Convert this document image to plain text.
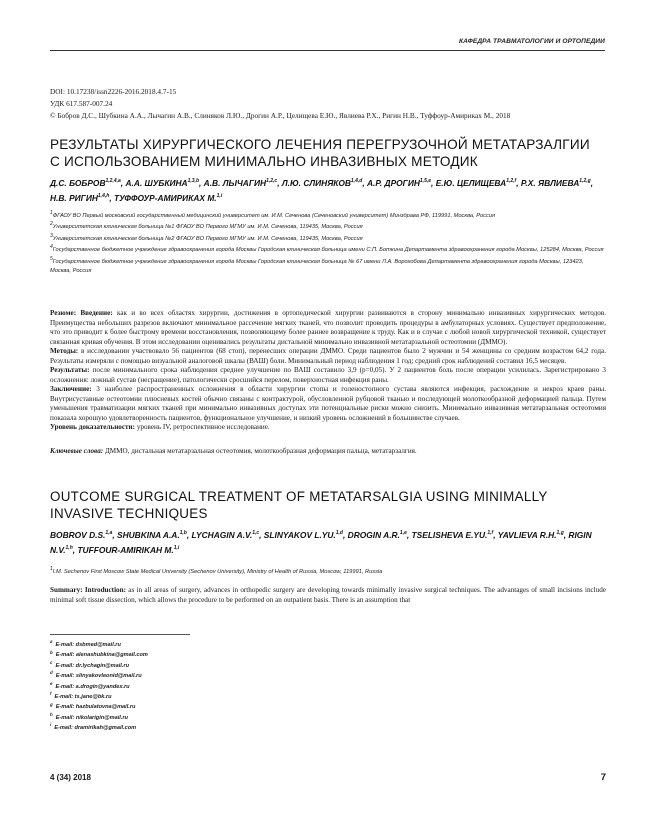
КАФЕДРА ТРАВМАТОЛОГИИ И ОРТОПЕДИИ
DOI: 10.17238/issn2226-2016.2018.4.7-15
УДК 617.587-007.24
© Бобров Д.С., Шубкина А.А., Лычагин А.В., Слиняков Л.Ю., Дрогин А.Р., Целищева Е.Ю., Явлиева Р.Х., Ригин Н.В., Туффоур-Амириках М., 2018
РЕЗУЛЬТАТЫ ХИРУРГИЧЕСКОГО ЛЕЧЕНИЯ ПЕРЕГРУЗОЧНОЙ МЕТАТАРЗАЛГИИ
С ИСПОЛЬЗОВАНИЕМ МИНИМАЛЬНО ИНВАЗИВНЫХ МЕТОДИК
Д.С. БОБРОВ$^{1,2,4,a}$, А.А. ШУБКИНА$^{1,3,b}$, А.В. ЛЫЧАГИН$^{1,2,c}$, Л.Ю. СЛИНЯКОВ$^{1,4,d}$, А.Р. ДРОГИН$^{1,5,e}$, Е.Ю. ЦЕЛИЩЕВА$^{1,2,f}$, Р.Х. ЯВЛИЕВА$^{1,2,g}$, Н.В. РИГИН$^{1,4,h}$, ТУФФОУР-АМИРИКАХ М.$^{1,i}$

$^1$ФГАОУ ВО Первый московский государственный медицинский университет им. И.М. Сеченова (Сеченовский университет) Минздрава РФ, 119991, Москва, Россия

$^2$Университетская клиническая больница №1 ФГАОУ ВО Первого МГМУ им. И.М. Сеченова, 119435, Москва, Россия

$^3$Университетская клиническая больница №2 ФГАОУ ВО Первого МГМУ им. И.М. Сеченова, 119435, Москва, Россия

$^4$Государственное бюджетное учреждение здравоохранения города Москвы Городская клиническая больница имени С.П. Боткина Департамента здравоохранения города Москвы, 125284, Москва, Россия

$^5$Государственное бюджетное учреждение здравоохранения города Москвы Городская клиническая больница № 67 имени Л.А. Ворохобова Департамента здравоохранения города Москвы, 123423, Москва, Россия

Резюме: Введение: как и во всех областях хирургии, достижения в ортопедической хирургии развиваются в сторону минимально инвазивных хирургических методов. Преимущества небольших разрезов включают минимальное рассечение мягких тканей, что позволит проводить процедуры в амбулаторных условиях. Существует предположение, что это приводит к более быстрому времени восстановления, позволяющему более раннее возвращение к труду. Как и в случае с любой новой хирургической техникой, существует связанная кривая обучения. В этом исследовании оценивались результаты дистальной минимально инвазивной метатарзальной остеотомии (ДММО).

Методы: в исследовании участвовало 56 пациентов (68 стоп), перенесших операции ДММО. Среди пациентов было 2 мужчин и 54 женщины со средним возрастом 64,2 года. Результаты измеряли с помощью визуальной аналоговой шкалы (ВАШ) боли. Минимальный период наблюдения 1 год; средний срок наблюдений составил 16,5 месяцев.

Результаты: после минимального срока наблюдения среднее улучшение по ВАШ составило 3,9 (p=0,05). У 2 пациентов боль после операции усилилась. Зарегистрировано 3 осложнения: ложный сустав (несращение), патологически сросшийся перелом, поверхностная инфекция раны.

Заключение: 3 наиболее распространенных осложнения в области хирургии стопы и голеностопного сустава являются инфекция, расхождение и некроз краев раны. Внутрисуставные остеотомии плюсневых костей обычно связаны с контрактурой, обусловленной рубцовой тканью и последующей молоткообразной деформацией пальца. Путем уменьшения травматизации мягких тканей при минимально инвазивных доступах эти потенциальные риски можно снизить. Минимально инвазивная метатарзальная остеотомия показала хорошую удовлетворенность пациентов, функциональное улучшение, и низкий уровень осложнений в большинстве случаев.

Уровень доказательности: уровень IV, ретроспективное исследование.

Ключевые слова: ДММО, дистальная метатарзальная остеотомия, молоткообразная деформация пальца, метатарзалгия.
OUTCOME SURGICAL TREATMENT OF METATARSALGIA USING MINIMALLY
INVASIVE TECHNIQUES
BOBROV D.S.$^{1,a}$, SHUBKINA A.A.$^{1,b}$, LYCHAGIN A.V.$^{1,c}$, SLINYAKOV L.YU.$^{1,d}$, DROGIN A.R.$^{1,e}$, TSELISHEVA E.YU.$^{1,f}$, YAVLIEVA R.H.$^{1,g}$, RIGIN N.V.$^{1,h}$, TUFFOUR-AMIRIKAH M.$^{1,i}$
$^1$I.M. Sechenov First Moscow State Medical University (Sechenov University), Ministry of Health of Russia, Moscow, 119991, Russia
Summary: Introduction: as in all areas of surgery, advances in orthopedic surgery are developing towards minimally invasive surgical techniques. The advantages of small incisions include minimal soft tissue dissection, which allows the procedure to be performed on an outpatient basis. There is an assumption that
$^a$E-mail: dsbmed@mail.ru
$^b$E-mail: alenashubkina@gmail.com
$^c$E-mail: dr.lychagin@mail.ru
$^d$E-mail: slinyakovleonid@mail.ru
$^e$E-mail: a.drogin@yandex.ru
$^f$E-mail: ts.jane@bk.ru
$^g$E-mail: hazbulatovna@mail.ru
$^h$E-mail: nikolarigin@mail.ru
$^i$E-mail: dramirikah@gmail.com
4 (34) 2018	7
